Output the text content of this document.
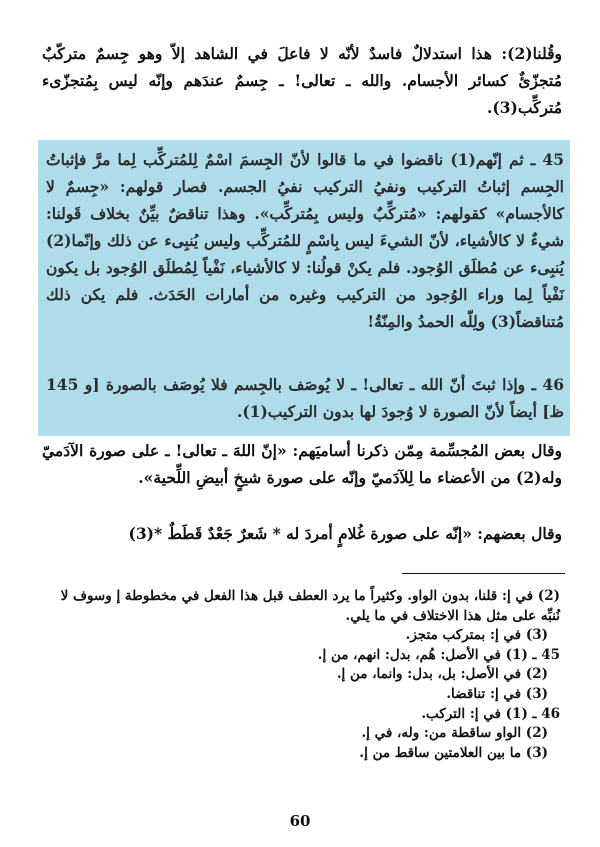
وقُلنا(2): هذا استدلالٌ فاسدٌ لأنّه لا فاعلَ في الشاهد إلاّ وهو جِسمٌ متركّبٌ مُتجزّئٌ كسائر الأجسام. والله ـ تعالى! ـ جِسمٌ عندَهم وإنّه ليس بِمُتجزّىء مُتركِّب(3).

45 ـ ثم إنّهم(1) ناقضوا في ما قالوا لأنّ الجِسمَ اسْمٌ لِلمُتركِّب لِما مرَّ فإثباتُ الجِسم إثباتُ التركيب ونفيُ التركيب نفيُ الجسم. فصار قولهم: «جِسمٌ لا كالأجسام» كقولهم: «مُتركِّبٌ وليس بِمُتركِّب». وهذا تناقضٌ بيِّنٌ بخلاف قَولنا: شيءٌ لا كالأشياء، لأنّ الشيءَ ليس بِاسْمٍ للمُتركِّب وليس يُنبِىء عن ذلك وإنّما(2) يُنبِىء عن مُطلَق الوُجود. فلم يكنْ قولُنا: لا كالأشياء، نَفْياً لِمُطلَق الوُجود بل يكون نَفْياً لِما وراء الوُجود من التركيب وغيره من أمارات الحَدَث. فلم يكن ذلك مُتناقضاً(3) ولِلّه الحمدُ والمِنّةُ!

46 ـ وإذا ثبتَ أنّ الله ـ تعالى! ـ لا يُوصَف بالجِسم فلا يُوصَف بالصورة [و 145 ظ] أيضاً لأنّ الصورة لا وُجودَ لها بدون التركيب(1).

وقال بعض المُجسِّمة مِمّن ذكرنا أساميَهم: «إنّ اللهَ ـ تعالى! ـ على صورة الآدَميّ وله(2) من الأعضاء ما لِلآدَميّ وإنّه على صورة شيخٍ أبيضِ اللِّحية».

وقال بعضهم: «إنّه على صورة غُلامٍ أمردَ له * شَعرٌ جَعْدٌ قَطَطٌ *(3)

(2) في إ: قلنا، بدون الواو. وكثيراً ما يرد العطف قبل هذا الفعل في مخطوطة إ وسوف لا نُنبِّه على مثل هذا الاختلاف في ما يلي.

(3) في إ: بمتركب متجز.

45 ـ (1) في الأصل: هُم، بدل: انهم، من إ.

(2) في الأصل: بل، بدل: وانما، من إ.

(3) في إ: تناقضا.

46 ـ (1) في إ: التركب.

(2) الواو ساقطة من: وله، في إ.

(3) ما بين العلامتين ساقط من إ.

60
